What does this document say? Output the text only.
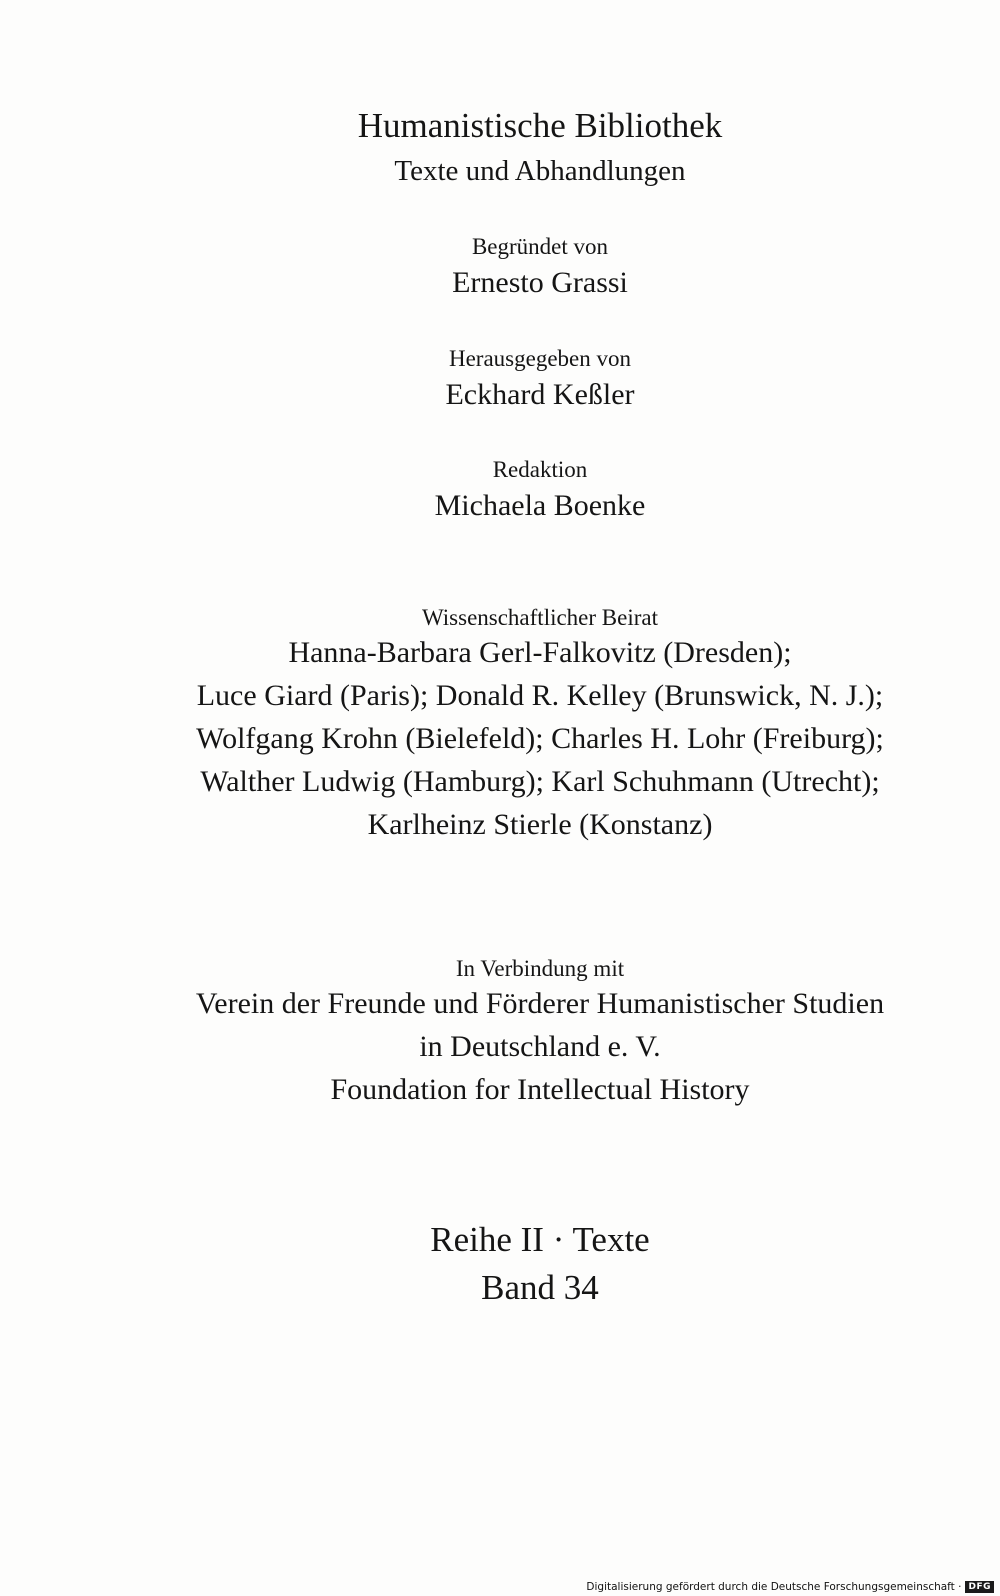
Humanistische Bibliothek
Texte und Abhandlungen
Begründet von
Ernesto Grassi
Herausgegeben von
Eckhard Keßler
Redaktion
Michaela Boenke
Wissenschaftlicher Beirat
Hanna-Barbara Gerl-Falkovitz (Dresden);
Luce Giard (Paris); Donald R. Kelley (Brunswick, N. J.);
Wolfgang Krohn (Bielefeld); Charles H. Lohr (Freiburg);
Walther Ludwig (Hamburg); Karl Schuhmann (Utrecht);
Karlheinz Stierle (Konstanz)
In Verbindung mit
Verein der Freunde und Förderer Humanistischer Studien
in Deutschland e. V.
Foundation for Intellectual History
Reihe II · Texte
Band 34
Digitalisierung gefördert durch die Deutsche Forschungsgemeinschaft · DFG
